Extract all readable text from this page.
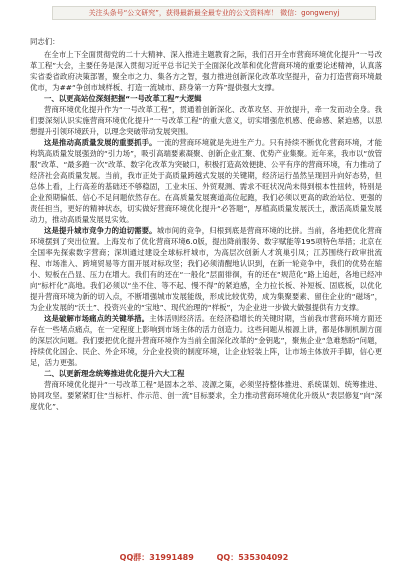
关注头条号“公文研究”，获得最新最全最专业的公文资料库！ 微信：gongwenyj

同志们：

在全市上下全面贯彻党的二十大精神、深入推进主题教育之际，我们召开全市营商环境优化提升“一号改革工程”大会，主要任务是深入贯彻习近平总书记关于全面深化改革和优化营商环境的重要论述精神，认真落实省委省政府决策部署，聚全市之力、集各方之智，强力推进创新深化改革攻坚提升，奋力打造营商环境最优市，为##“争创市域样板、打造一流城市、跻身第一方阵”提供强大支撑。

一、以更高站位深刻把握“一号改革工程”大逻辑

营商环境优化提升作为“一号改革工程”，贯通着创新深化、改革攻坚、开放提升，牵一发而动全身。我们要深刻认识实施营商环境优化提升“一号改革工程”的重大意义，切实增强危机感、使命感、紧迫感，以思想提升引领环境跃升，以理念突破带动发展突围。

这是推动高质量发展的重要抓手。一流的营商环境就是先进生产力。只有持续不断优化营商环境，才能构筑高质量发展强劲的“引力场”，吸引高端要素凝聚、创新企业汇聚、优势产业集聚。近年来，我市以“放管服”改革、“最多跑一次”改革、数字化改革为突破口，积极打造高效便捷、公平有序的营商环境，有力推动了经济社会高质量发展。当前，我市正处于高质量跨越式发展的关键期，经济运行虽然呈现回升向好态势，但总体上看，上行高差的基础还不够稳固，工业未压、外贸观测、需求不旺状况尚未得到根本性扭转，特别是企业预期偏低、信心不足问题依然存在。在高质量发展赛道高位起跑，我们必须以更高的政治站位、更强的责任担当，更好的精神状态，切实做好营商环境优化提升“必答题”，厚植高质量发展沃土，激活高质量发展动力，推动高质量发展見实效。

这是提升城市竞争力的迫切需要。城市间的竞争，归根到底是营商环境的比拼。当前，各地把优化营商环境摆到了突出位置。上海发布了优化营商环境6.0版，提出降前服务、数字赋能等195项特色举措；北京在全国率先探索数字营商；深圳通过建设全球标杆城市，为高层次创新人才筑巢引凤；江苏围绕行政审批流程、市场准入、跨境贸易等方面开展对标攻坚；我们必须清醒地认识到，在新一轮竞争中，我们的优势在缩小、短板在凸显、压力在增大。我们有的还在“一般化”层面徘徊，有的还在“规范化”路上追赶，各地已经冲向“标杆化”高地。我们必须以“坐不住、等不起、慢不得”的紧迫感，全力拉长板、补短板、固底板，以优化提升营商环境为新的切入点，不断增强城市发展能级，形成比较优势，成为集聚要素、留住企业的“磁场”，为企业发展的“沃土”、投资兴业的“宝地”、现代治理的“样板”，为企业进一步做大做强提供有力支撑。

这是破解市场痛点的关键举措。主体活则经济活。在经济稳增长的关键时期，当前我市营商环境方面还存在一些堵点痛点，在一定程度上影响到市场主体的活力创造力。这些问题从根源上讲，都是体制机制方面的深层次问题。我们要把优化提升营商环境作为当前全面深化改革的“金钥匙”，聚焦企业“急难愁盼”问题，持续优化国企、民企、外企环境，分企业投资的制度环境，让企业轻装上阵，让市场主体放开手脚，信心更足，活力更强。

二、以更新理念统筹推进优化提升六大工程

营商环境优化提升“一号改革工程”是固本之举、凌源之策，必须坚持整体推进、系统谋划、统筹推进、协同攻坚。要紧紧盯住“当标杆、作示范、创一流”目标要求，全力推动营商环境优化升级从“表层修复”向“深度优化”、

QQ群：31991489	QQ：535304092
